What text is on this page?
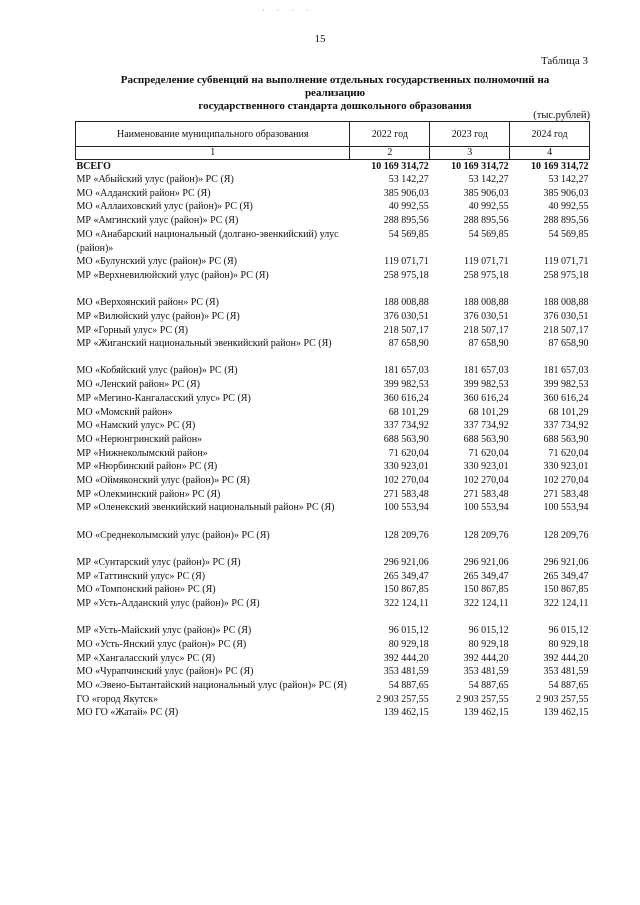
· · · ·
15
Таблица 3
Распределение субвенций на выполнение отдельных государственных полномочий на реализацию
государственного стандарта дошкольного образования
(тыс.рублей)
Наименование муниципального образования	2022 год	2023 год	2024 год
1	2	3	4
ВСЕГО	10 169 314,72	10 169 314,72	10 169 314,72
МР «Абыйский улус (район)» РС (Я)	53 142,27	53 142,27	53 142,27
МО «Алданский район» РС (Я)	385 906,03	385 906,03	385 906,03
МО «Аллаиховский улус (район)» РС (Я)	40 992,55	40 992,55	40 992,55
МР «Амгинский улус (район)» РС (Я)	288 895,56	288 895,56	288 895,56
МО «Анабарский национальный (долгано-эвенкийский) улус (район)»	54 569,85	54 569,85	54 569,85
МО «Булунский улус (район)» РС (Я)	119 071,71	119 071,71	119 071,71
МР «Верхневилюйский улус (район)» РС (Я)	258 975,18	258 975,18	258 975,18

МО «Верхоянский район» РС (Я)	188 008,88	188 008,88	188 008,88
МР «Вилюйский улус (район)» РС (Я)	376 030,51	376 030,51	376 030,51
МР «Горный улус» РС (Я)	218 507,17	218 507,17	218 507,17
МР «Жиганский национальный эвенкийский район» РС (Я)	87 658,90	87 658,90	87 658,90

МО «Кобяйский улус (район)» РС (Я)	181 657,03	181 657,03	181 657,03
МО «Ленский район» РС (Я)	399 982,53	399 982,53	399 982,53
МР «Мегино-Кангаласский улус» РС (Я)	360 616,24	360 616,24	360 616,24
МО «Момский район»	68 101,29	68 101,29	68 101,29
МО «Намский улус» РС (Я)	337 734,92	337 734,92	337 734,92
МО «Нерюнгринский район»	688 563,90	688 563,90	688 563,90
МР «Нижнеколымский район»	71 620,04	71 620,04	71 620,04
МР «Нюрбинский район» РС (Я)	330 923,01	330 923,01	330 923,01
МО «Оймяконский улус (район)» РС (Я)	102 270,04	102 270,04	102 270,04
МР «Олекминский район» РС (Я)	271 583,48	271 583,48	271 583,48
МР «Оленекский эвенкийский национальный район» РС (Я)	100 553,94	100 553,94	100 553,94

МО «Среднеколымский улус (район)» РС (Я)	128 209,76	128 209,76	128 209,76

МР «Сунтарский улус (район)» РС (Я)	296 921,06	296 921,06	296 921,06
МР «Таттинский улус» РС (Я)	265 349,47	265 349,47	265 349,47
МО «Томпонский район» РС (Я)	150 867,85	150 867,85	150 867,85
МР «Усть-Алданский улус (район)» РС (Я)	322 124,11	322 124,11	322 124,11

МР «Усть-Майский улус (район)» РС (Я)	96 015,12	96 015,12	96 015,12
МО «Усть-Янский улус (район)» РС (Я)	80 929,18	80 929,18	80 929,18
МР «Хангаласский улус» РС (Я)	392 444,20	392 444,20	392 444,20
МО «Чурапчинский улус (район)» РС (Я)	353 481,59	353 481,59	353 481,59
МО «Эвено-Бытантайский национальный улус (район)» РС (Я)	54 887,65	54 887,65	54 887,65
ГО «город Якутск»	2 903 257,55	2 903 257,55	2 903 257,55
МО ГО «Жатай» РС (Я)	139 462,15	139 462,15	139 462,15
